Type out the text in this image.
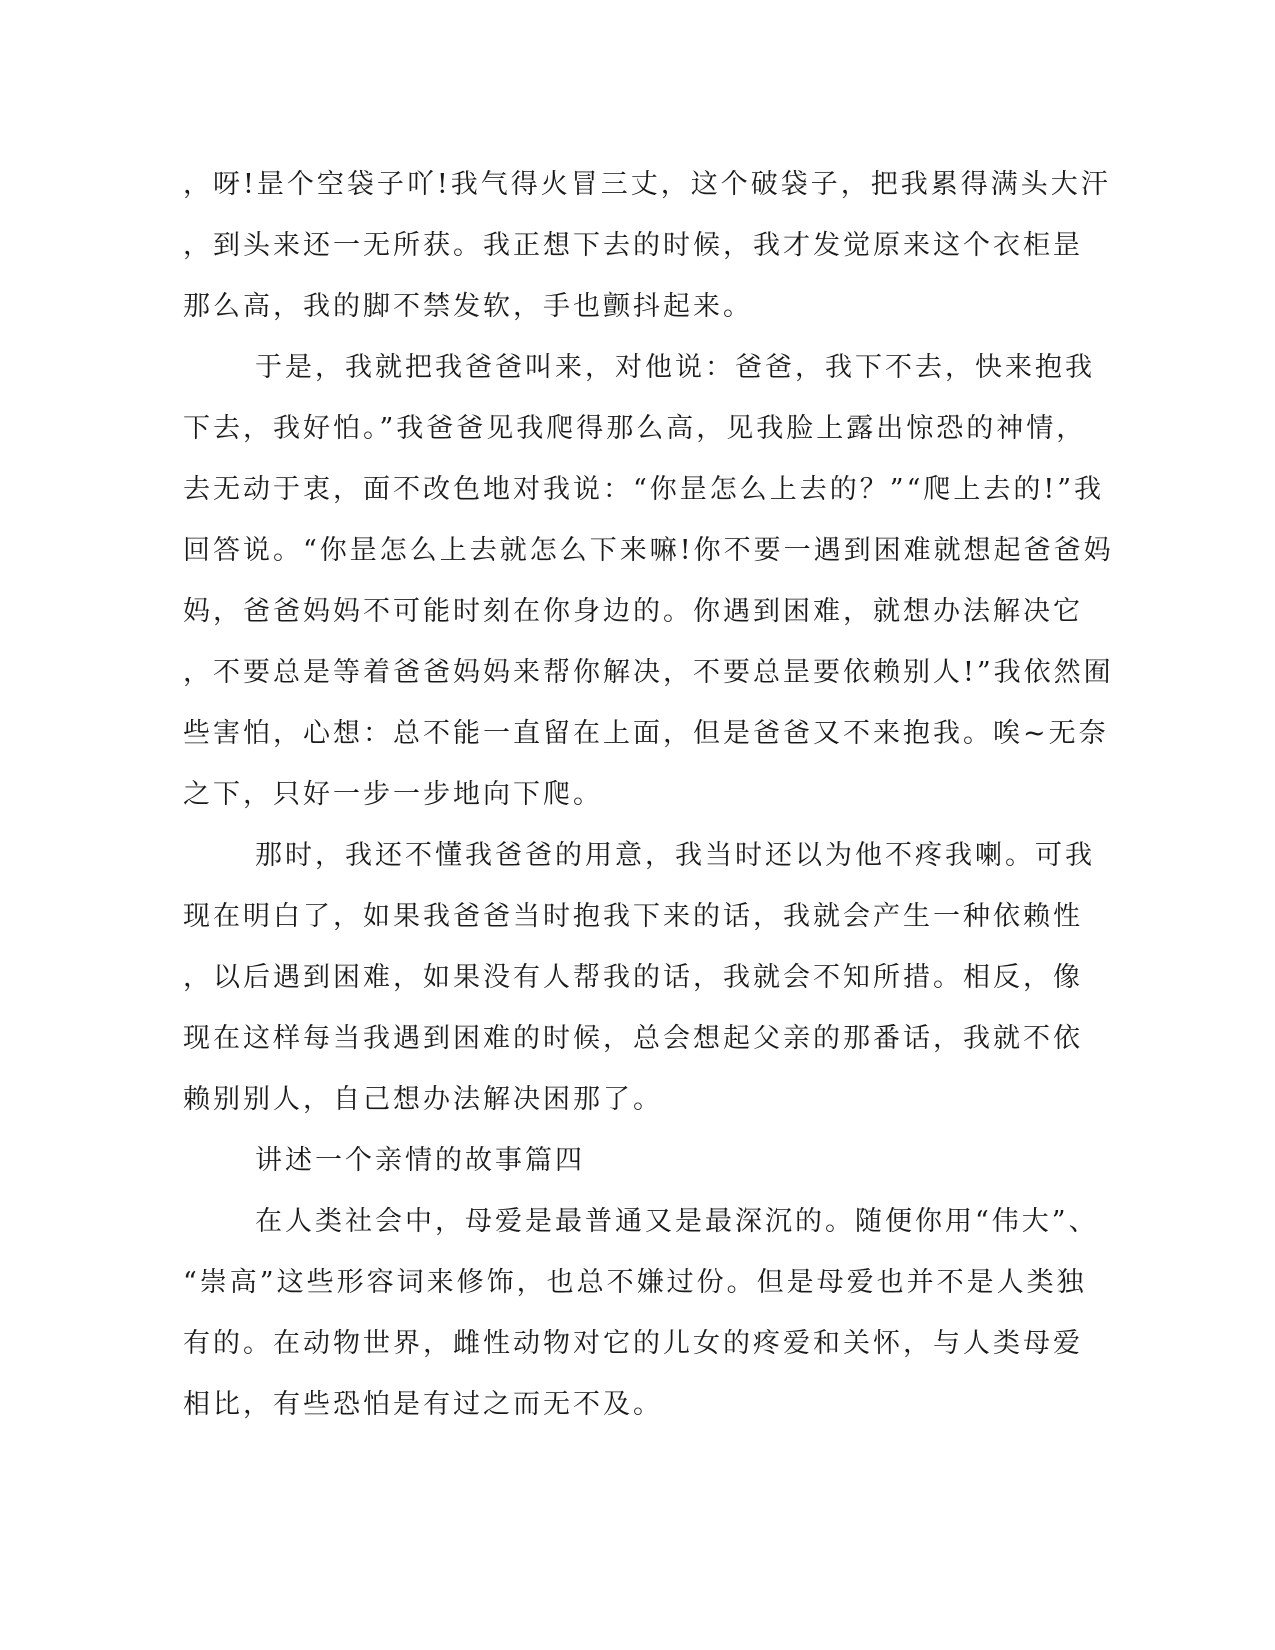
，呀!昰个空袋子吖!我气得火冒三丈，这个破袋子，把我累得满头大汗
，到头来还一无所获。我正想下去的时候，我才发觉原来这个衣柜昰
那么高，我的脚不禁发软，手也颤抖起来。
于是，我就把我爸爸叫来，对他说：爸爸，我下不去，快来抱我
下去，我好怕。”我爸爸见我爬得那么高，见我脸上露出惊恐的神情，
去无动于衷，面不改色地对我说：“你昰怎么上去的？”“爬上去的!”我
回答说。“你昰怎么上去就怎么下来嘛!你不要一遇到困难就想起爸爸妈
妈，爸爸妈妈不可能时刻在你身边的。你遇到困难，就想办法解决它
，不要总是等着爸爸妈妈来帮你解决，不要总昰要依赖别人!”我依然囿
些害怕，心想：总不能一直留在上面，但是爸爸又不来抱我。唉~无奈
之下，只好一步一步地向下爬。
那时，我还不懂我爸爸的用意，我当时还以为他不疼我喇。可我
现在明白了，如果我爸爸当时抱我下来的话，我就会产生一种依赖性
，以后遇到困难，如果没有人帮我的话，我就会不知所措。相反，像
现在这样每当我遇到困难的时候，总会想起父亲的那番话，我就不依
赖别别人，自己想办法解决困那了。
讲述一个亲情的故事篇四
在人类社会中，母爱是最普通又是最深沉的。随便你用“伟大”、
“崇高”这些形容词来修饰，也总不嫌过份。但是母爱也并不是人类独
有的。在动物世界，雌性动物对它的儿女的疼爱和关怀，与人类母爱
相比，有些恐怕是有过之而无不及。
